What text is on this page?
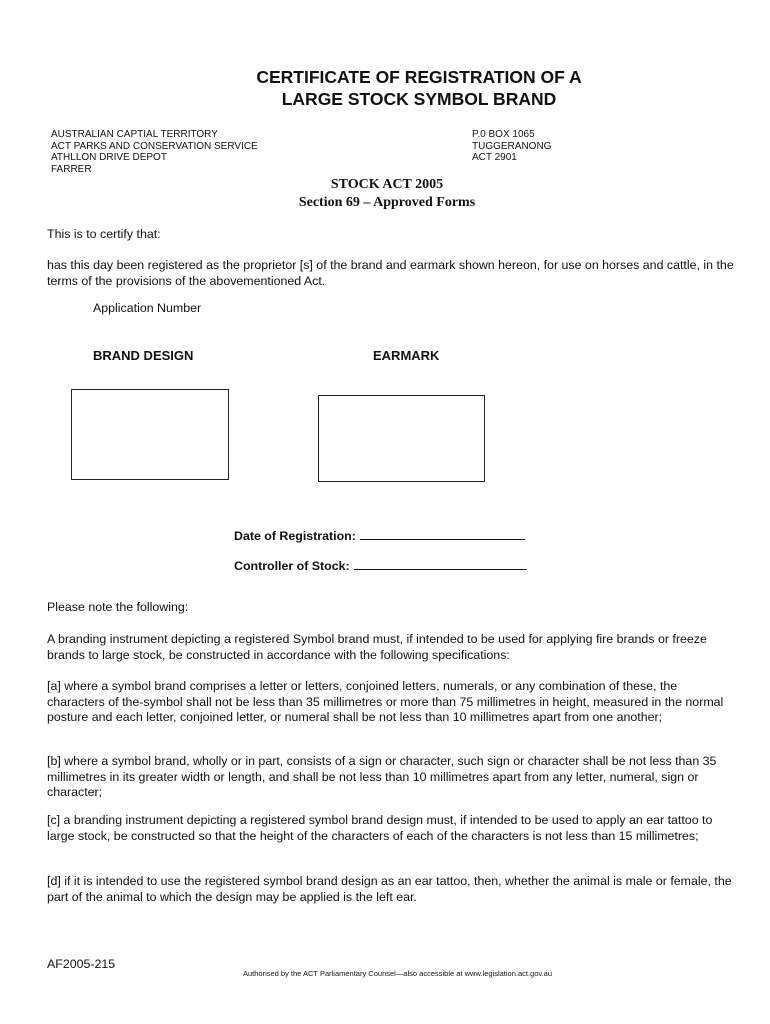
CERTIFICATE OF REGISTRATION OF A
LARGE STOCK SYMBOL BRAND
AUSTRALIAN CAPTIAL TERRITORY
ACT PARKS AND CONSERVATION SERVICE
ATHLLON DRIVE DEPOT
FARRER
P.0 BOX 1065
TUGGERANONG
ACT 2901
STOCK ACT 2005
Section 69 – Approved Forms
This is to certify that:
has this day been registered as the proprietor [s] of the brand and earmark shown hereon, for use on horses and cattle, in the terms of the provisions of the abovementioned Act.
Application Number
BRAND DESIGN	EARMARK
Date of Registration:
Controller of Stock:
Please note the following:
A branding instrument depicting a registered Symbol brand must, if intended to be used for applying fire brands or freeze brands to large stock, be constructed in accordance with the following specifications:
[a] where a symbol brand comprises a letter or letters, conjoined letters, numerals, or any combination of these, the characters of the-symbol shall not be less than 35 millimetres or more than 75 millimetres in height, measured in the normal posture and each letter, conjoined letter, or numeral shall be not less than 10 millimetres apart from one another;
[b] where a symbol brand, wholly or in part, consists of a sign or character, such sign or character shall be not less than 35 millimetres in its greater width or length, and shall be not less than 10 millimetres apart from any letter, numeral, sign or character;
[c] a branding instrument depicting a registered symbol brand design must, if intended to be used to apply an ear tattoo to large stock, be constructed so that the height of the characters of each of the characters is not less than 15 millimetres;
[d] if it is intended to use the registered symbol brand design as an ear tattoo, then, whether the animal is male or female, the part of the animal to which the design may be applied is the left ear.
AF2005-215
Authorised by the ACT Parliamentary Counsel—also accessible at www.legislation.act.gov.au
